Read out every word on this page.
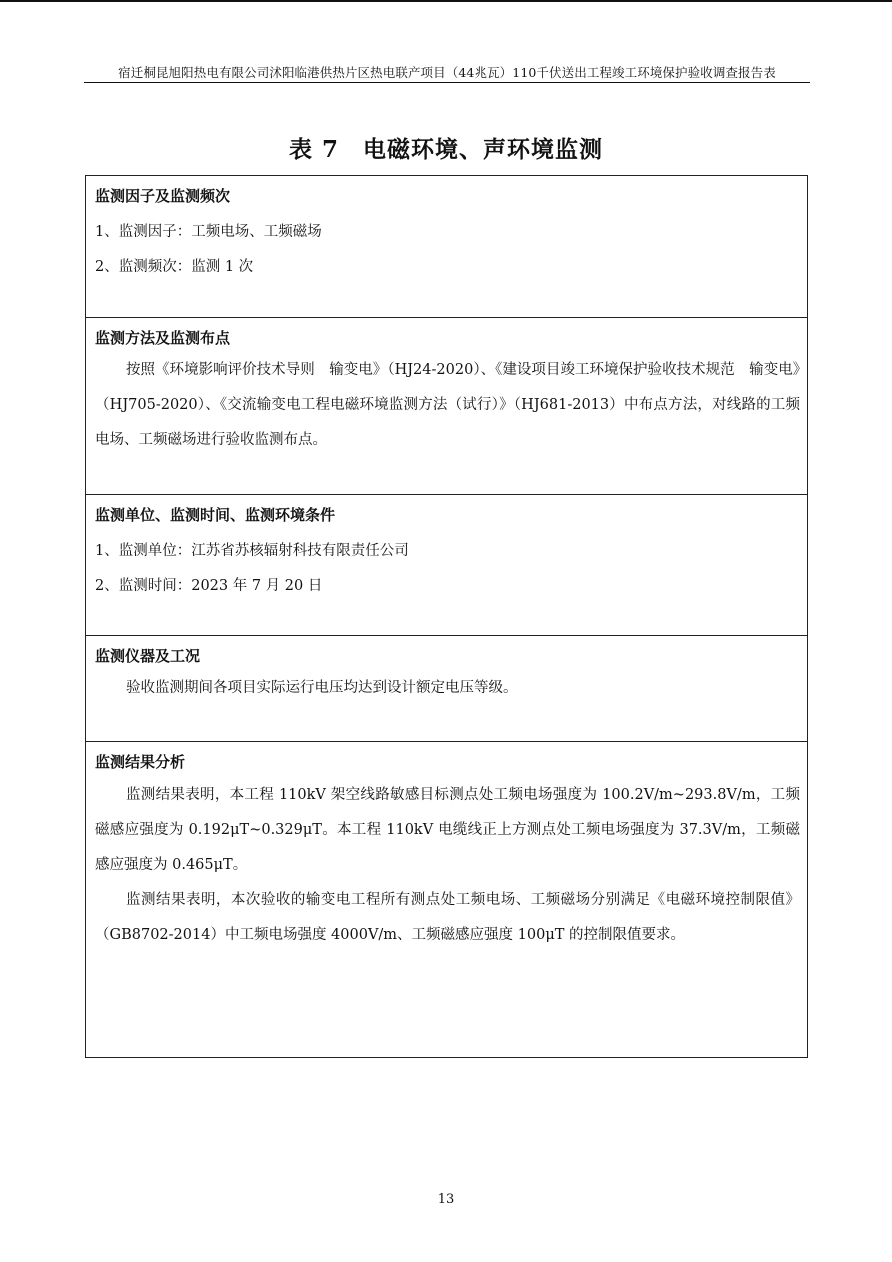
宿迁桐昆旭阳热电有限公司沭阳临港供热片区热电联产项目（44兆瓦）110千伏送出工程竣工环境保护验收调查报告表
表 7　电磁环境、声环境监测
监测因子及监测频次
1、监测因子：工频电场、工频磁场
2、监测频次：监测 1 次
监测方法及监测布点
按照《环境影响评价技术导则　输变电》（HJ24-2020）、《建设项目竣工环境保护验收技术规范　输变电》（HJ705-2020）、《交流输变电工程电磁环境监测方法（试行）》（HJ681-2013）中布点方法，对线路的工频电场、工频磁场进行验收监测布点。
监测单位、监测时间、监测环境条件
1、监测单位：江苏省苏核辐射科技有限责任公司
2、监测时间：2023 年 7 月 20 日
监测仪器及工况
验收监测期间各项目实际运行电压均达到设计额定电压等级。
监测结果分析
监测结果表明，本工程 110kV 架空线路敏感目标测点处工频电场强度为 100.2V/m~293.8V/m，工频磁感应强度为 0.192μT~0.329μT。本工程 110kV 电缆线正上方测点处工频电场强度为 37.3V/m，工频磁感应强度为 0.465μT。
监测结果表明，本次验收的输变电工程所有测点处工频电场、工频磁场分别满足《电磁环境控制限值》（GB8702-2014）中工频电场强度 4000V/m、工频磁感应强度 100μT 的控制限值要求。
13
